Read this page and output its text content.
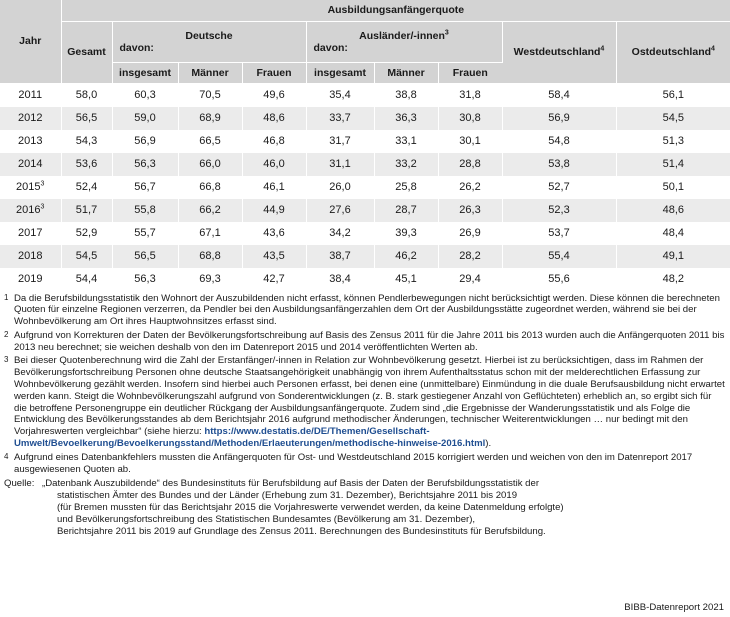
Jahr	Ausbildungsanfängerquote								
	Gesamt	Deutsche
davon:			Ausländer/-innen$^3$
davon:			Westdeutschland$^4$	Ostdeutschland$^4$
		insgesamt	Männer	Frauen	insgesamt	Männer	Frauen		
2011	58,0	60,3	70,5	49,6	35,4	38,8	31,8	58,4	56,1
2012	56,5	59,0	68,9	48,6	33,7	36,3	30,8	56,9	54,5
2013	54,3	56,9	66,5	46,8	31,7	33,1	30,1	54,8	51,3
2014	53,6	56,3	66,0	46,0	31,1	33,2	28,8	53,8	51,4
2015$^3$	52,4	56,7	66,8	46,1	26,0	25,8	26,2	52,7	50,1
2016$^3$	51,7	55,8	66,2	44,9	27,6	28,7	26,3	52,3	48,6
2017	52,9	55,7	67,1	43,6	34,2	39,3	26,9	53,7	48,4
2018	54,5	56,5	68,8	43,5	38,7	46,2	28,2	55,4	49,1
2019	54,4	56,3	69,3	42,7	38,4	45,1	29,4	55,6	48,2
1 Da die Berufsbildungsstatistik den Wohnort der Auszubildenden nicht erfasst, können Pendlerbewegungen nicht berücksichtigt werden. Diese können die berechneten Quoten für einzelne Regionen verzerren, da Pendler bei den Ausbildungsanfängerzahlen dem Ort der Ausbildungsstätte zugeordnet werden, während sie bei der Wohnbevölkerung am Ort ihres Hauptwohnsitzes erfasst sind.
2 Aufgrund von Korrekturen der Daten der Bevölkerungsfortschreibung auf Basis des Zensus 2011 für die Jahre 2011 bis 2013 wurden auch die Anfängerquoten 2011 bis 2013 neu berechnet; sie weichen deshalb von den im Datenreport 2015 und 2014 veröffentlichten Werten ab.
3 Bei dieser Quotenberechnung wird die Zahl der Erstanfänger/-innen in Relation zur Wohnbevölkerung gesetzt. Hierbei ist zu berücksichtigen, dass im Rahmen der Bevölkerungsfortschreibung Personen ohne deutsche Staatsangehörigkeit unabhängig von ihrem Aufenthaltsstatus schon mit der melderechtlichen Erfassung zur Wohnbevölkerung gezählt werden. Insofern sind hierbei auch Personen erfasst, bei denen eine (unmittelbare) Einmündung in die duale Berufsausbildung nicht erwartet werden kann. Steigt die Wohnbevölkerungszahl aufgrund von Sonderentwicklungen (z. B. stark gestiegener Anzahl von Geflüchteten) erheblich an, so ergibt sich für die betroffene Personengruppe ein deutlicher Rückgang der Ausbildungsanfängerquote. Zudem sind „die Ergebnisse der Wanderungsstatistik und als Folge die Entwicklung des Bevölkerungsstandes ab dem Berichtsjahr 2016 aufgrund methodischer Änderungen, technischer Weiterentwicklungen … nur bedingt mit den Vorjahreswerten vergleichbar“ (siehe hierzu: https://www.destatis.de/DE/Themen/Gesellschaft-Umwelt/Bevoelkerung/Bevoelkerungsstand/Methoden/Erlaeuterungen/methodische-hinweise-2016.html).
4 Aufgrund eines Datenbankfehlers mussten die Anfängerquoten für Ost- und Westdeutschland 2015 korrigiert werden und weichen von den im Datenreport 2017 ausgewiesenen Quoten ab.
Quelle: „Datenbank Auszubildende“ des Bundesinstituts für Berufsbildung auf Basis der Daten der Berufsbildungsstatistik der
statistischen Ämter des Bundes und der Länder (Erhebung zum 31. Dezember), Berichtsjahre 2011 bis 2019
(für Bremen mussten für das Berichtsjahr 2015 die Vorjahreswerte verwendet werden, da keine Datenmeldung erfolgte)
und Bevölkerungsfortschreibung des Statistischen Bundesamtes (Bevölkerung am 31. Dezember),
Berichtsjahre 2011 bis 2019 auf Grundlage des Zensus 2011. Berechnungen des Bundesinstituts für Berufsbildung.
BIBB-Datenreport 2021
